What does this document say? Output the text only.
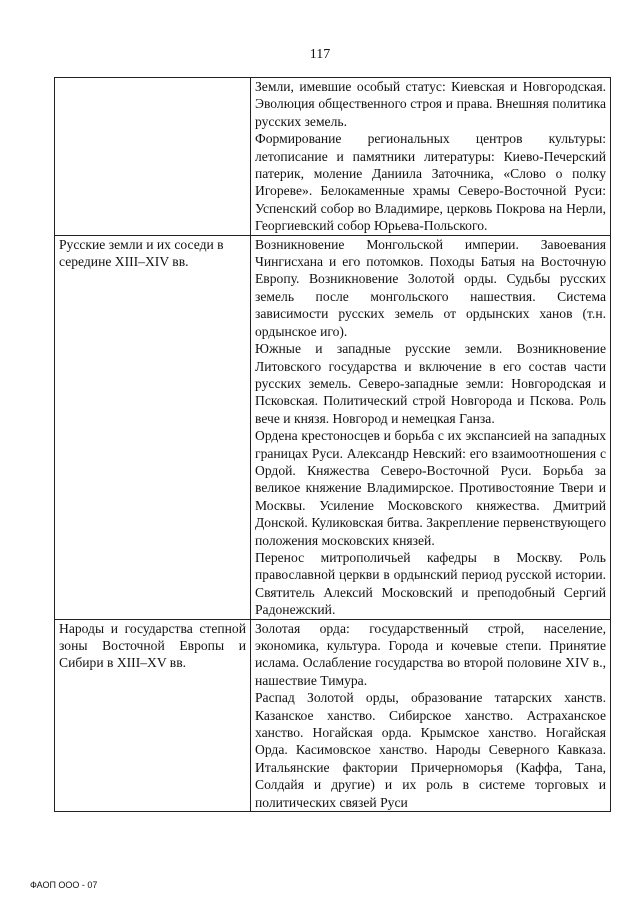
117

	Земли, имевшие особый статус: Киевская и Новгородская. Эволюция общественного строя и права. Внешняя политика русских земель.

Формирование региональных центров культуры: летописание и памятники литературы: Киево-Печерский патерик, моление Даниила Заточника, «Слово о полку Игореве». Белокаменные храмы Северо-Восточной Руси: Успенский собор во Владимире, церковь Покрова на Нерли, Георгиевский собор Юрьева-Польского.

Русские земли и их соседи в середине XIII–XIV вв.	Возникновение Монгольской империи. Завоевания Чингисхана и его потомков. Походы Батыя на Восточную Европу. Возникновение Золотой орды. Судьбы русских земель после монгольского нашествия. Система зависимости русских земель от ордынских ханов (т.н. ордынское иго).

Южные и западные русские земли. Возникновение Литовского государства и включение в его состав части русских земель. Северо-западные земли: Новгородская и Псковская. Политический строй Новгорода и Пскова. Роль вече и князя. Новгород и немецкая Ганза.

Ордена крестоносцев и борьба с их экспансией на западных границах Руси. Александр Невский: его взаимоотношения с Ордой. Княжества Северо-Восточной Руси. Борьба за великое княжение Владимирское. Противостояние Твери и Москвы. Усиление Московского княжества. Дмитрий Донской. Куликовская битва. Закрепление первенствующего положения московских князей.

Перенос митрополичьей кафедры в Москву. Роль православной церкви в ордынский период русской истории. Святитель Алексий Московский и преподобный Сергий Радонежский.

Народы и государства степной зоны Восточной Европы и Сибири в XIII–XV вв.	Золотая орда: государственный строй, население, экономика, культура. Города и кочевые степи. Принятие ислама. Ослабление государства во второй половине XIV в., нашествие Тимура.

Распад Золотой орды, образование татарских ханств. Казанское ханство. Сибирское ханство. Астраханское ханство. Ногайская орда. Крымское ханство. Ногайская Орда. Касимовское ханство. Народы Северного Кавказа. Итальянские фактории Причерноморья (Каффа, Тана, Солдайя и другие) и их роль в системе торговых и политических связей Руси

ФАОП ООО - 07
